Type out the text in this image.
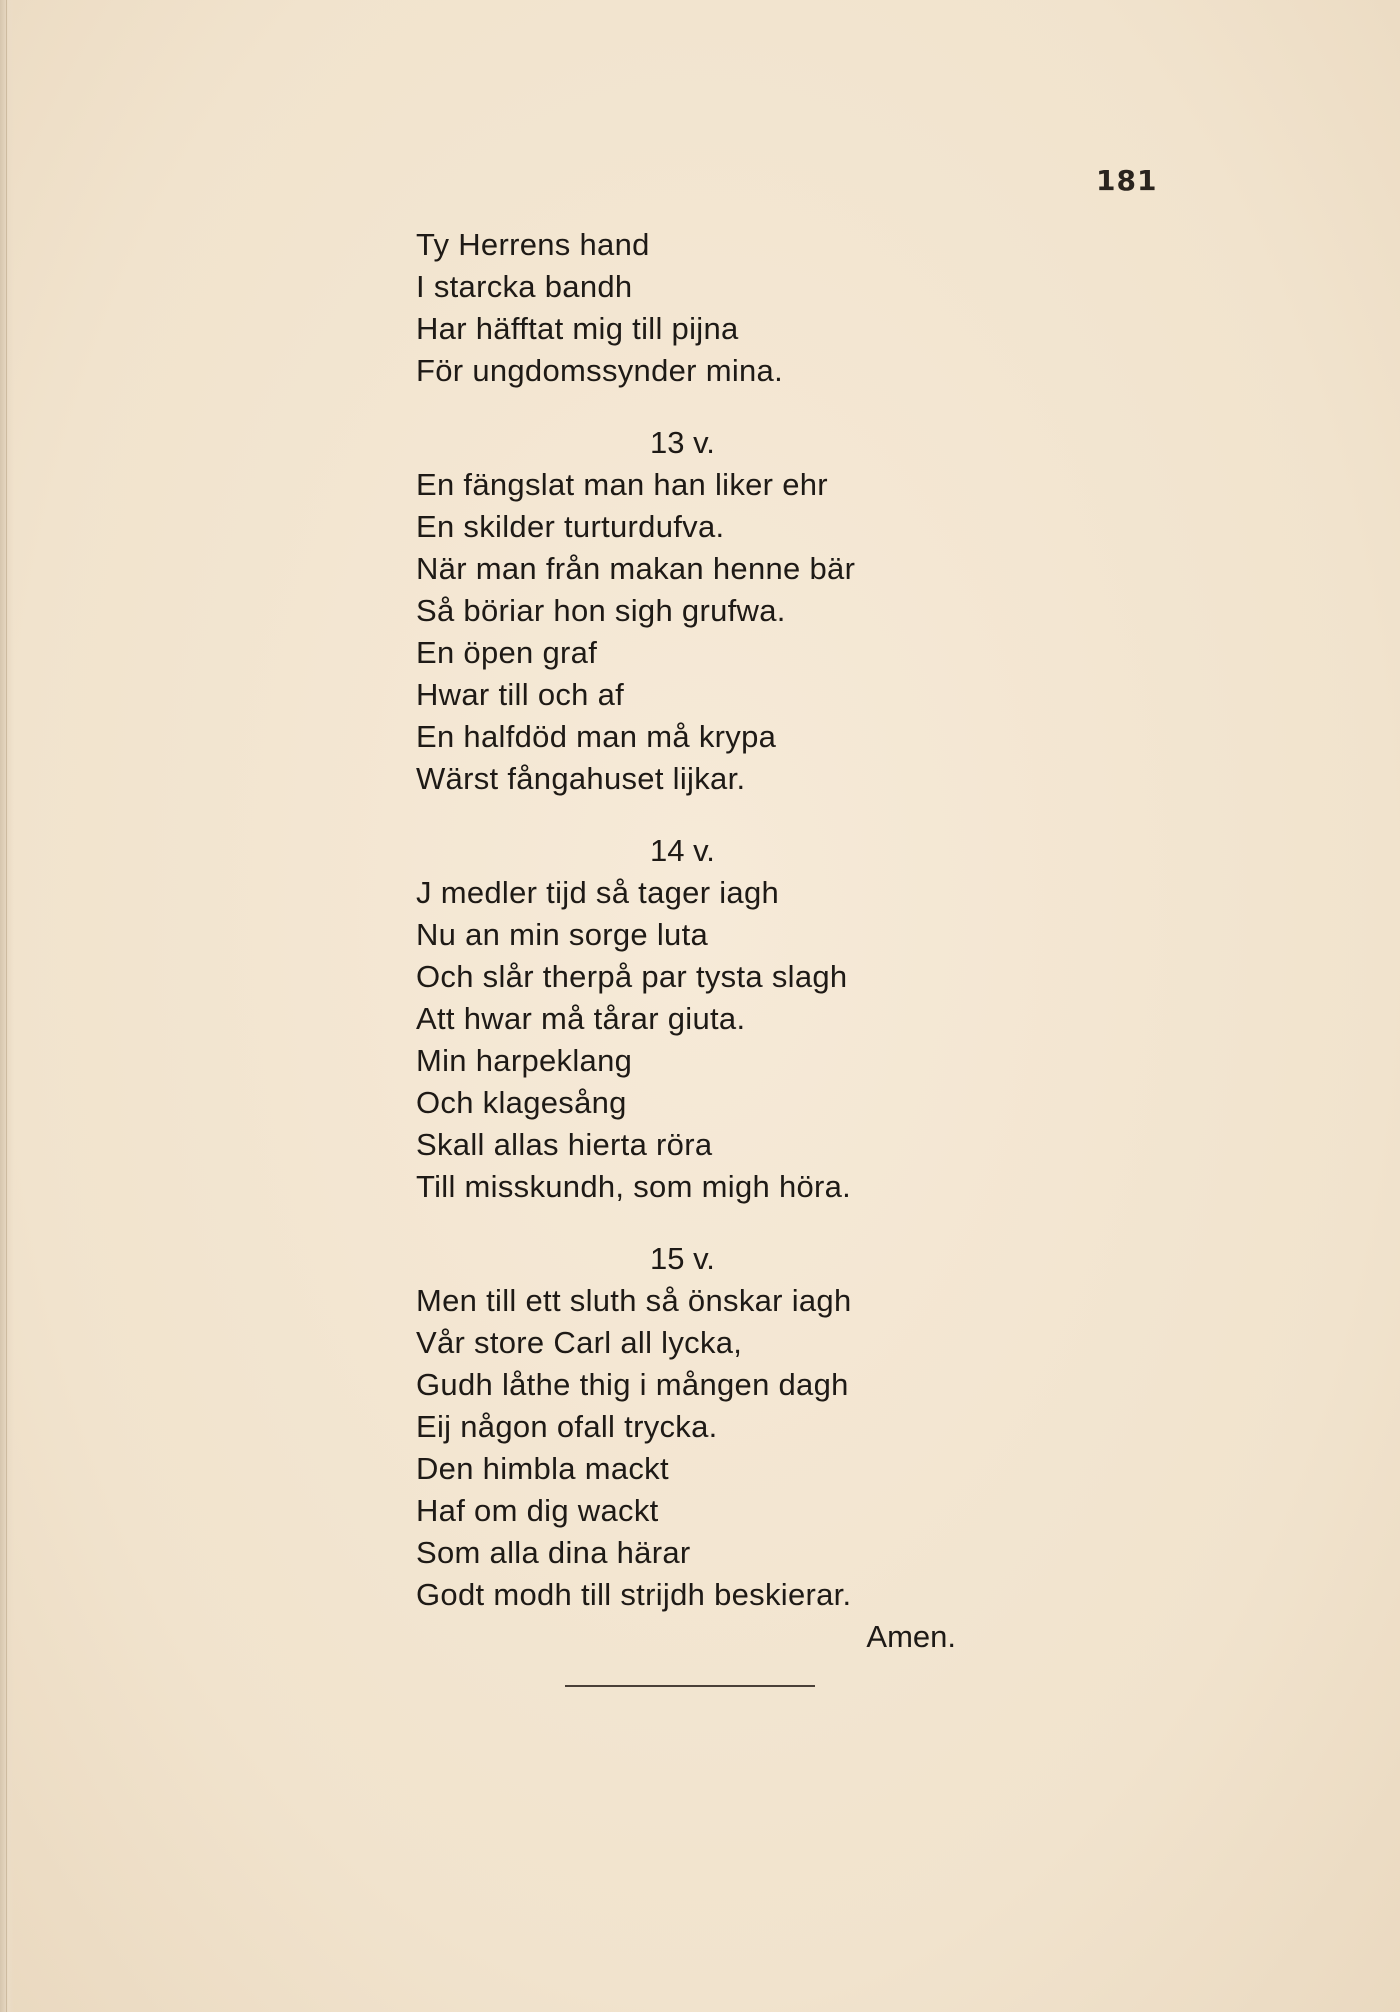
181
Ty Herrens hand
I starcka bandh
Har häfftat mig till pijna
För ungdomssynder mina.
13 v.
En fängslat man han liker ehr
En skilder turturdufva.
När man från makan henne bär
Så böriar hon sigh grufwa.
En öpen graf
Hwar till och af
En halfdöd man må krypa
Wärst fångahuset lijkar.
14 v.
J medler tijd så tager iagh
Nu an min sorge luta
Och slår therpå par tysta slagh
Att hwar må tårar giuta.
Min harpeklang
Och klagesång
Skall allas hierta röra
Till misskundh, som migh höra.
15 v.
Men till ett sluth så önskar iagh
Vår store Carl all lycka,
Gudh låthe thig i mången dagh
Eij någon ofall trycka.
Den himbla mackt
Haf om dig wackt
Som alla dina härar
Godt modh till strijdh beskierar.
Amen.
